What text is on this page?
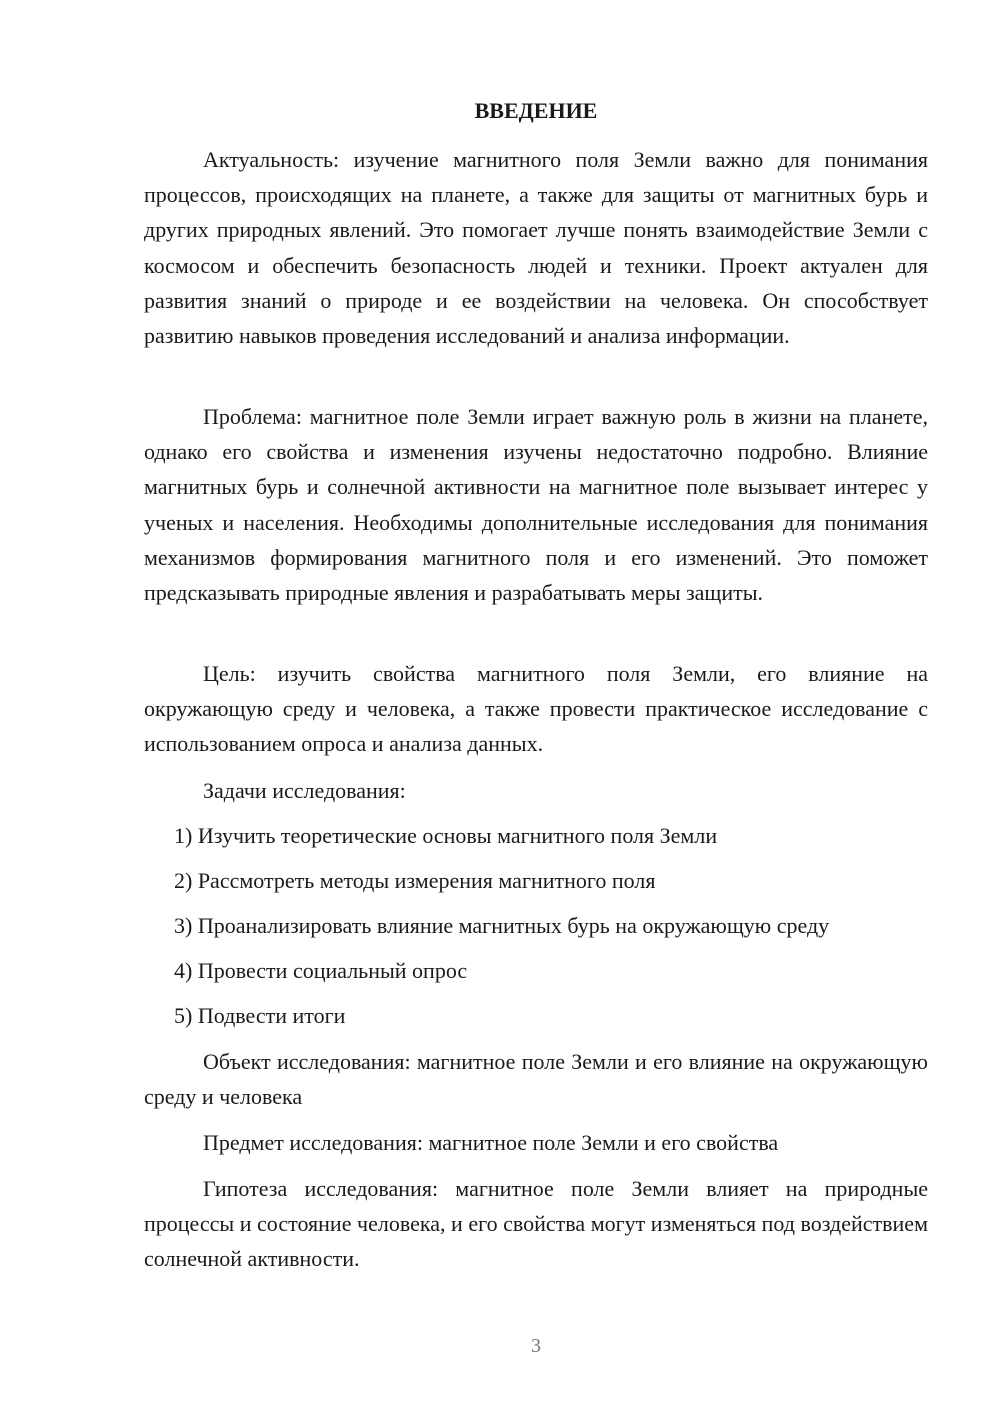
ВВЕДЕНИЕ

Актуальность: изучение магнитного поля Земли важно для понимания процессов, происходящих на планете, а также для защиты от магнитных бурь и других природных явлений. Это помогает лучше понять взаимодействие Земли с космосом и обеспечить безопасность людей и техники. Проект актуален для развития знаний о природе и ее воздействии на человека. Он способствует развитию навыков проведения исследований и анализа информации.

Проблема: магнитное поле Земли играет важную роль в жизни на планете, однако его свойства и изменения изучены недостаточно подробно. Влияние магнитных бурь и солнечной активности на магнитное поле вызывает интерес у ученых и населения. Необходимы дополнительные исследования для понимания механизмов формирования магнитного поля и его изменений. Это поможет предсказывать природные явления и разрабатывать меры защиты.

Цель: изучить свойства магнитного поля Земли, его влияние на окружающую среду и человека, а также провести практическое исследование с использованием опроса и анализа данных.

Задачи исследования:

1) Изучить теоретические основы магнитного поля Земли

2) Рассмотреть методы измерения магнитного поля

3) Проанализировать влияние магнитных бурь на окружающую среду

4) Провести социальный опрос

5) Подвести итоги

Объект исследования: магнитное поле Земли и его влияние на окружающую среду и человека

Предмет исследования: магнитное поле Земли и его свойства

Гипотеза исследования: магнитное поле Земли влияет на природные процессы и состояние человека, и его свойства могут изменяться под воздействием солнечной активности.

3
